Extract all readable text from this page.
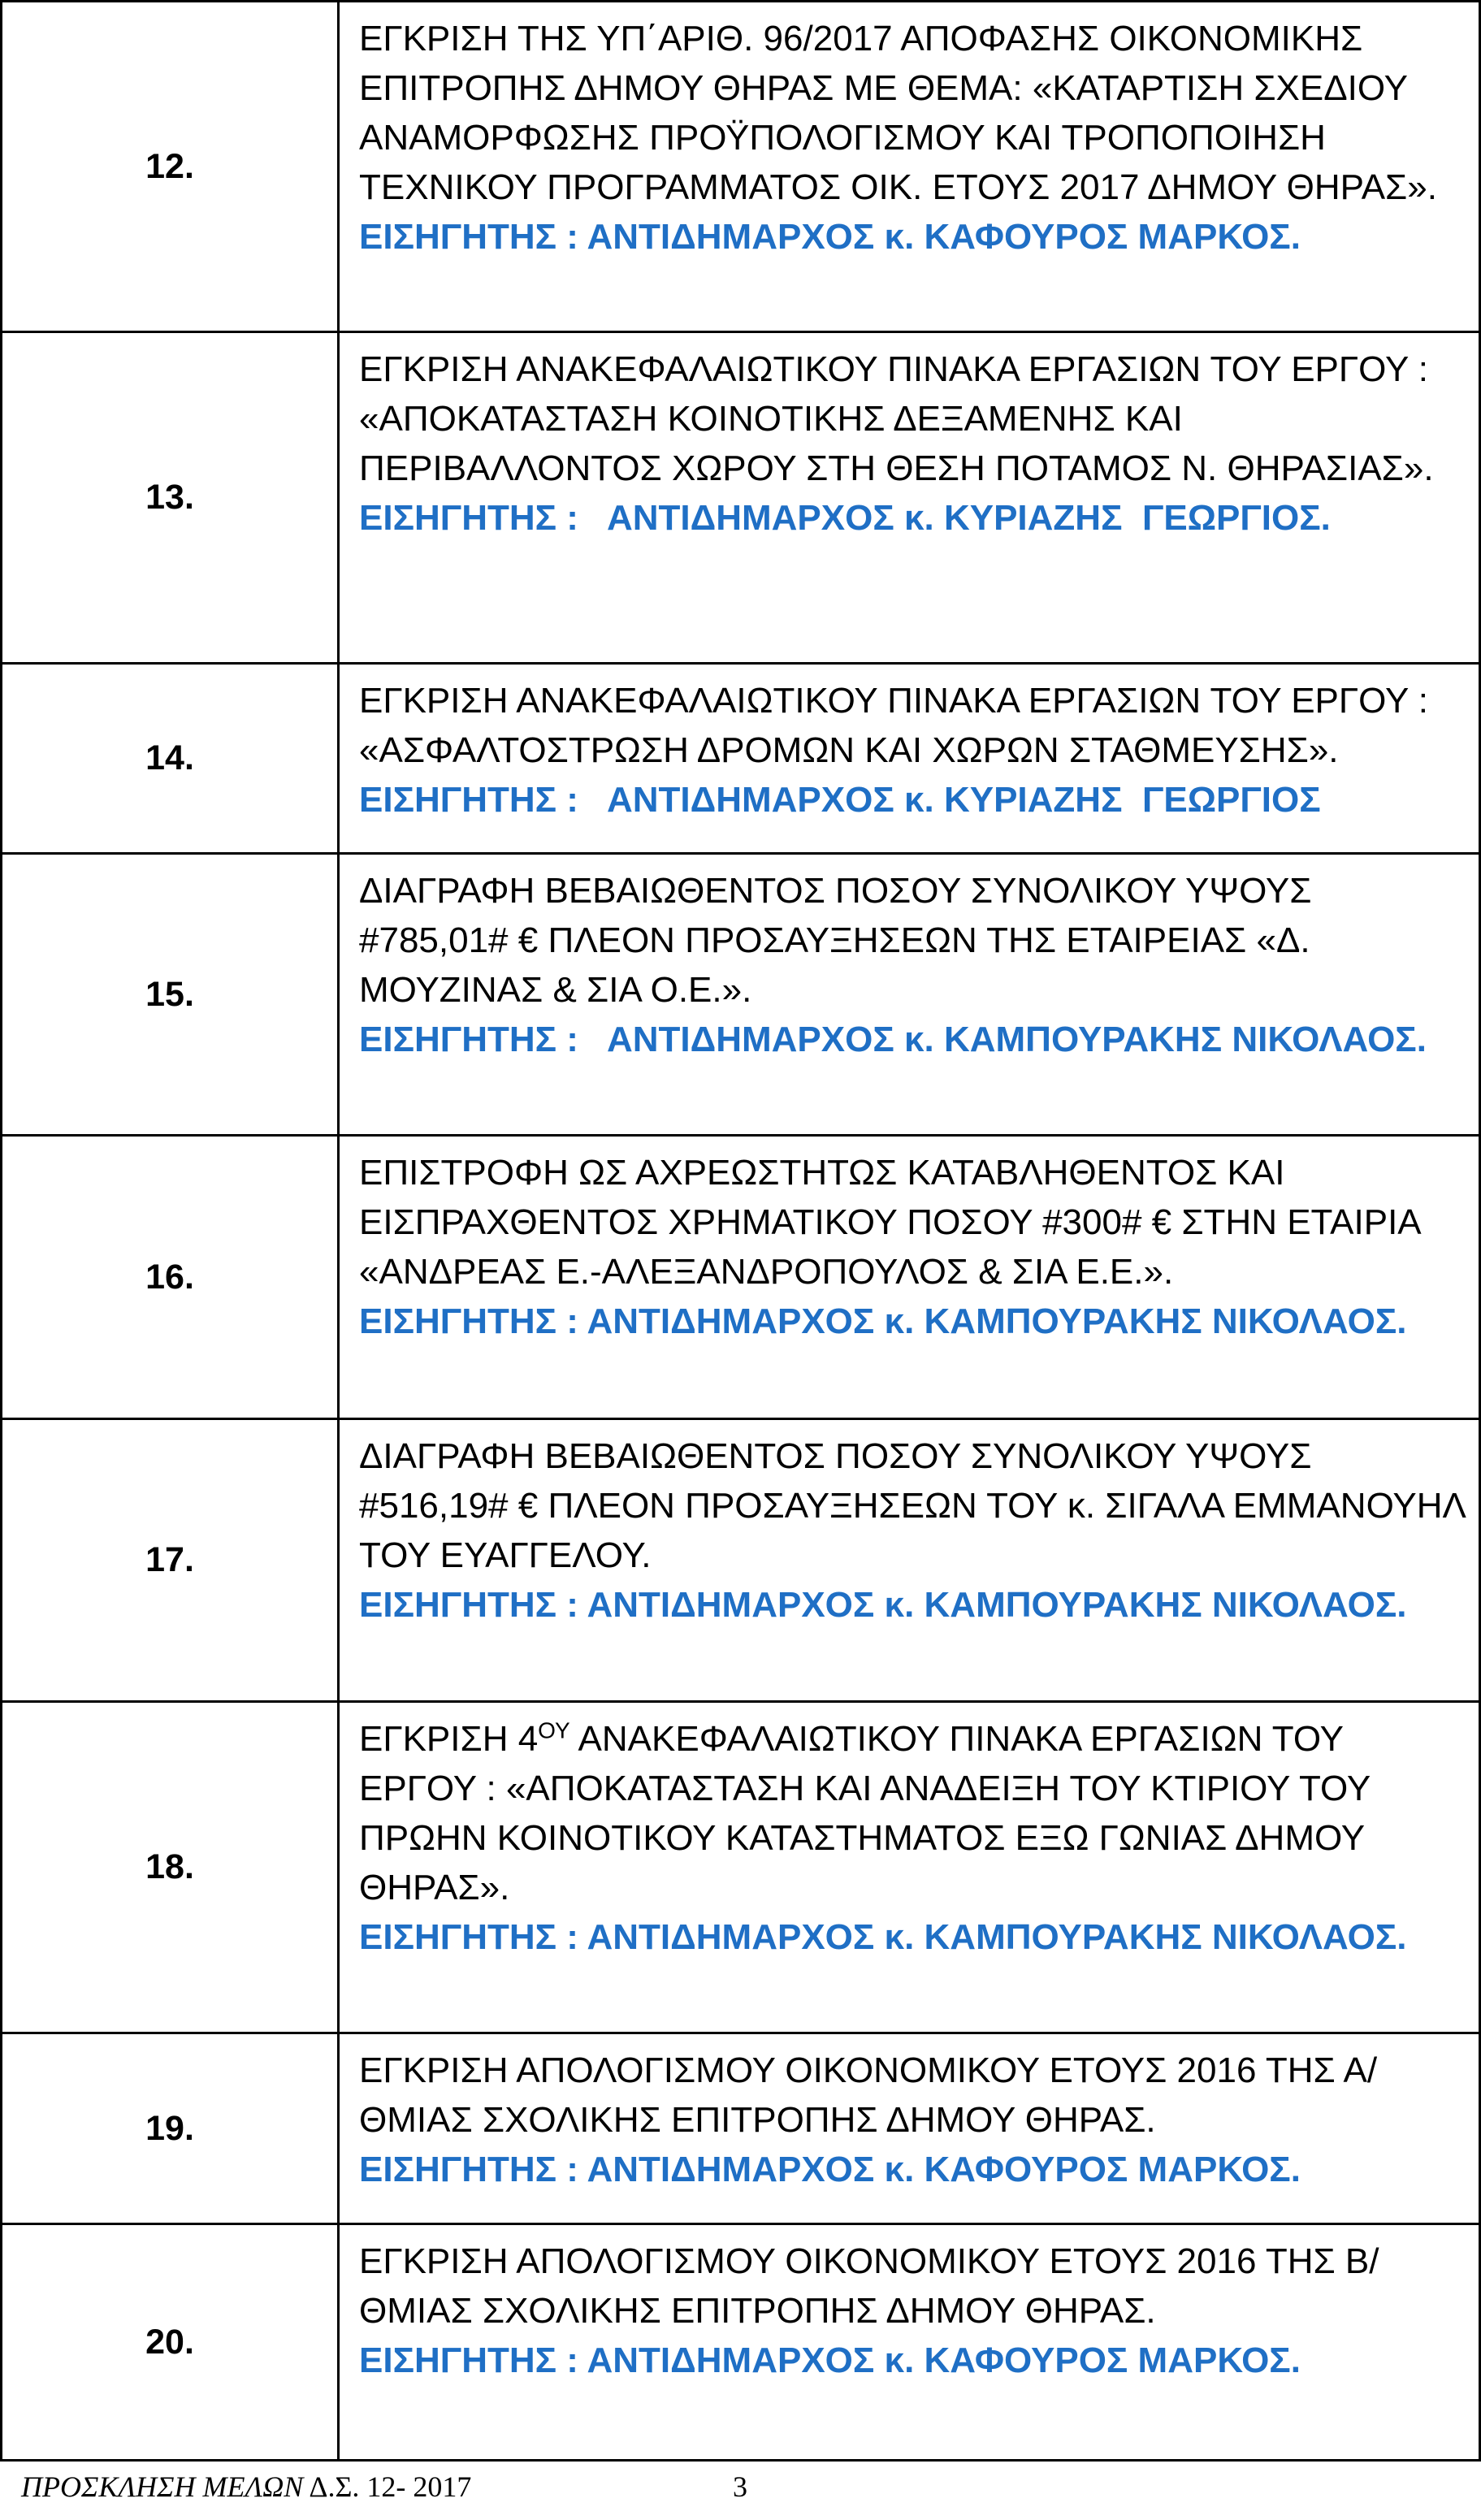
12.	ΕΓΚΡΙΣΗ ΤΗΣ ΥΠ΄ΑΡΙΘ. 96/2017 ΑΠΟΦΑΣΗΣ ΟΙΚΟΝΟΜΙΚΗΣ ΕΠΙΤΡΟΠΗΣ ΔΗΜΟΥ ΘΗΡΑΣ ΜΕ ΘΕΜΑ: «ΚΑΤΑΡΤΙΣΗ ΣΧΕΔΙΟΥ ΑΝΑΜΟΡΦΩΣΗΣ ΠΡΟΫΠΟΛΟΓΙΣΜΟΥ ΚΑΙ ΤΡΟΠΟΠΟΙΗΣΗ ΤΕΧΝΙΚΟΥ ΠΡΟΓΡΑΜΜΑΤΟΣ ΟΙΚ. ΕΤΟΥΣ 2017 ΔΗΜΟΥ ΘΗΡΑΣ».
ΕΙΣΗΓΗΤΗΣ : ΑΝΤΙΔΗΜΑΡΧΟΣ κ. ΚΑΦΟΥΡΟΣ ΜΑΡΚΟΣ.

13.	ΕΓΚΡΙΣΗ ΑΝΑΚΕΦΑΛΑΙΩΤΙΚΟΥ ΠΙΝΑΚΑ ΕΡΓΑΣΙΩΝ ΤΟΥ ΕΡΓΟΥ : «ΑΠΟΚΑΤΑΣΤΑΣΗ ΚΟΙΝΟΤΙΚΗΣ ΔΕΞΑΜΕΝΗΣ ΚΑΙ ΠΕΡΙΒΑΛΛΟΝΤΟΣ ΧΩΡΟΥ ΣΤΗ ΘΕΣΗ ΠΟΤΑΜΟΣ Ν. ΘΗΡΑΣΙΑΣ».
ΕΙΣΗΓΗΤΗΣ :   ΑΝΤΙΔΗΜΑΡΧΟΣ κ. ΚΥΡΙΑΖΗΣ  ΓΕΩΡΓΙΟΣ.

14.	ΕΓΚΡΙΣΗ ΑΝΑΚΕΦΑΛΑΙΩΤΙΚΟΥ ΠΙΝΑΚΑ ΕΡΓΑΣΙΩΝ ΤΟΥ ΕΡΓΟΥ : «ΑΣΦΑΛΤΟΣΤΡΩΣΗ ΔΡΟΜΩΝ ΚΑΙ ΧΩΡΩΝ ΣΤΑΘΜΕΥΣΗΣ».
ΕΙΣΗΓΗΤΗΣ :   ΑΝΤΙΔΗΜΑΡΧΟΣ κ. ΚΥΡΙΑΖΗΣ  ΓΕΩΡΓΙΟΣ

15.	ΔΙΑΓΡΑΦΗ ΒΕΒΑΙΩΘΕΝΤΟΣ ΠΟΣΟΥ ΣΥΝΟΛΙΚΟΥ ΥΨΟΥΣ #785,01# € ΠΛΕΟΝ ΠΡΟΣΑΥΞΗΣΕΩΝ ΤΗΣ ΕΤΑΙΡΕΙΑΣ «Δ. ΜΟΥΖΙΝΑΣ & ΣΙΑ Ο.Ε.».
ΕΙΣΗΓΗΤΗΣ :   ΑΝΤΙΔΗΜΑΡΧΟΣ κ. ΚΑΜΠΟΥΡΑΚΗΣ ΝΙΚΟΛΑΟΣ.

16.	ΕΠΙΣΤΡΟΦΗ ΩΣ ΑΧΡΕΩΣΤΗΤΩΣ ΚΑΤΑΒΛΗΘΕΝΤΟΣ ΚΑΙ ΕΙΣΠΡΑΧΘΕΝΤΟΣ ΧΡΗΜΑΤΙΚΟΥ ΠΟΣΟΥ #300# € ΣΤΗΝ ΕΤΑΙΡΙΑ «ΑΝΔΡΕΑΣ Ε.-ΑΛΕΞΑΝΔΡΟΠΟΥΛΟΣ & ΣΙΑ Ε.Ε.».
ΕΙΣΗΓΗΤΗΣ : ΑΝΤΙΔΗΜΑΡΧΟΣ κ. ΚΑΜΠΟΥΡΑΚΗΣ ΝΙΚΟΛΑΟΣ.

17.	ΔΙΑΓΡΑΦΗ ΒΕΒΑΙΩΘΕΝΤΟΣ ΠΟΣΟΥ ΣΥΝΟΛΙΚΟΥ ΥΨΟΥΣ #516,19# € ΠΛΕΟΝ ΠΡΟΣΑΥΞΗΣΕΩΝ ΤΟΥ κ. ΣΙΓΑΛΑ ΕΜΜΑΝΟΥΗΛ ΤΟΥ ΕΥΑΓΓΕΛΟΥ.
ΕΙΣΗΓΗΤΗΣ : ΑΝΤΙΔΗΜΑΡΧΟΣ κ. ΚΑΜΠΟΥΡΑΚΗΣ ΝΙΚΟΛΑΟΣ.

18.	ΕΓΚΡΙΣΗ $4^{O\Upsilon}$ ΑΝΑΚΕΦΑΛΑΙΩΤΙΚΟΥ ΠΙΝΑΚΑ ΕΡΓΑΣΙΩΝ ΤΟΥ ΕΡΓΟΥ : «ΑΠΟΚΑΤΑΣΤΑΣΗ ΚΑΙ ΑΝΑΔΕΙΞΗ ΤΟΥ ΚΤΙΡΙΟΥ ΤΟΥ ΠΡΩΗΝ ΚΟΙΝΟΤΙΚΟΥ ΚΑΤΑΣΤΗΜΑΤΟΣ ΕΞΩ ΓΩΝΙΑΣ ΔΗΜΟΥ ΘΗΡΑΣ».
ΕΙΣΗΓΗΤΗΣ : ΑΝΤΙΔΗΜΑΡΧΟΣ κ. ΚΑΜΠΟΥΡΑΚΗΣ ΝΙΚΟΛΑΟΣ.

19.	ΕΓΚΡΙΣΗ ΑΠΟΛΟΓΙΣΜΟΥ ΟΙΚΟΝΟΜΙΚΟΥ ΕΤΟΥΣ 2016 ΤΗΣ Α/ΘΜΙΑΣ ΣΧΟΛΙΚΗΣ ΕΠΙΤΡΟΠΗΣ ΔΗΜΟΥ ΘΗΡΑΣ.
ΕΙΣΗΓΗΤΗΣ : ΑΝΤΙΔΗΜΑΡΧΟΣ κ. ΚΑΦΟΥΡΟΣ ΜΑΡΚΟΣ.

20.	ΕΓΚΡΙΣΗ ΑΠΟΛΟΓΙΣΜΟΥ ΟΙΚΟΝΟΜΙΚΟΥ ΕΤΟΥΣ 2016 ΤΗΣ Β/ΘΜΙΑΣ ΣΧΟΛΙΚΗΣ ΕΠΙΤΡΟΠΗΣ ΔΗΜΟΥ ΘΗΡΑΣ.
ΕΙΣΗΓΗΤΗΣ : ΑΝΤΙΔΗΜΑΡΧΟΣ κ. ΚΑΦΟΥΡΟΣ ΜΑΡΚΟΣ.
ΠΡΟΣΚΛΗΣΗ ΜΕΛΩΝ Δ.Σ. 12- 2017	3
